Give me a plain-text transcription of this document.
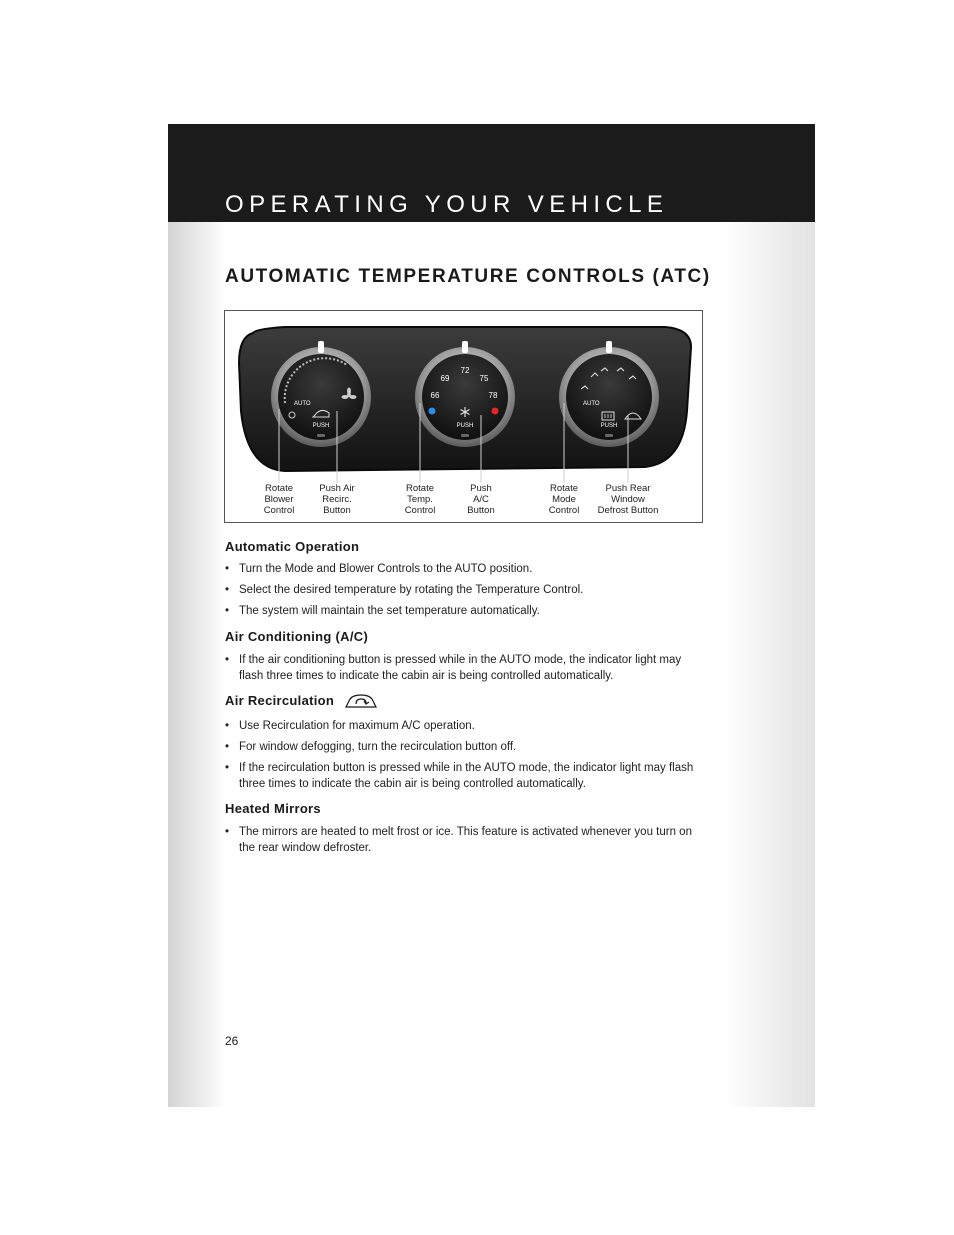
OPERATING YOUR VEHICLE
AUTOMATIC TEMPERATURE CONTROLS (ATC)
AUTO
PUSH
72
69	75
66	78
PUSH
AUTO
PUSH
Rotate
Blower
Control
Push Air
Recirc.
Button
Rotate
Temp.
Control
Push
A/C
Button
Rotate
Mode
Control
Push Rear
Window
Defrost Button
Automatic Operation
• Turn the Mode and Blower Controls to the AUTO position.
• Select the desired temperature by rotating the Temperature Control.
• The system will maintain the set temperature automatically.
Air Conditioning (A/C)
• If the air conditioning button is pressed while in the AUTO mode, the indicator light may flash three times to indicate the cabin air is being controlled automatically.
Air Recirculation
• Use Recirculation for maximum A/C operation.
• For window defogging, turn the recirculation button off.
• If the recirculation button is pressed while in the AUTO mode, the indicator light may flash three times to indicate the cabin air is being controlled automatically.
Heated Mirrors
• The mirrors are heated to melt frost or ice. This feature is activated whenever you turn on the rear window defroster.
26
